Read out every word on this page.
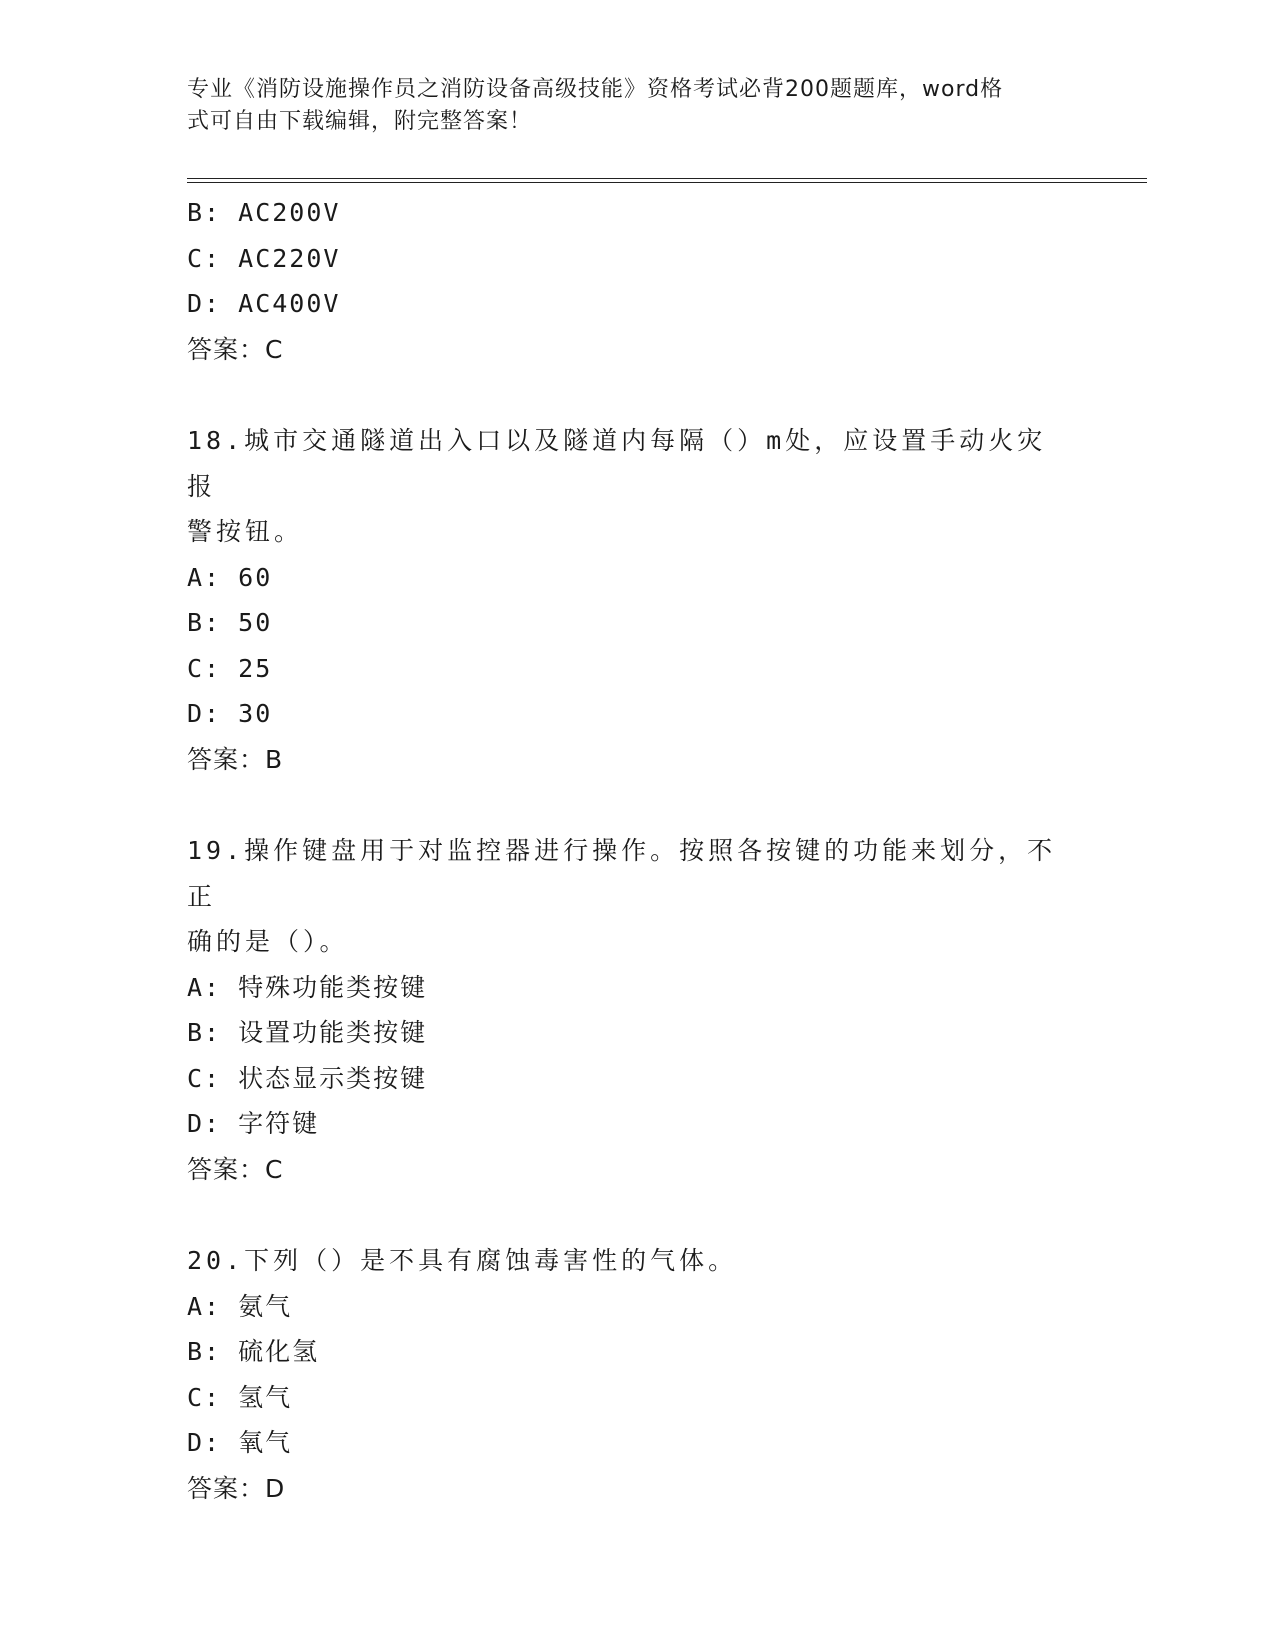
专业《消防设施操作员之消防设备高级技能》资格考试必背200题题库，word格
式可自由下载编辑，附完整答案！
B: AC200V
C: AC220V
D: AC400V
答案：C
18.城市交通隧道出入口以及隧道内每隔（）m处，应设置手动火灾报
警按钮。
A: 60
B: 50
C: 25
D: 30
答案：B
19.操作键盘用于对监控器进行操作。按照各按键的功能来划分，不正
确的是（）。
A: 特殊功能类按键
B: 设置功能类按键
C: 状态显示类按键
D: 字符键
答案：C
20.下列（）是不具有腐蚀毒害性的气体。
A: 氨气
B: 硫化氢
C: 氢气
D: 氧气
答案：D
